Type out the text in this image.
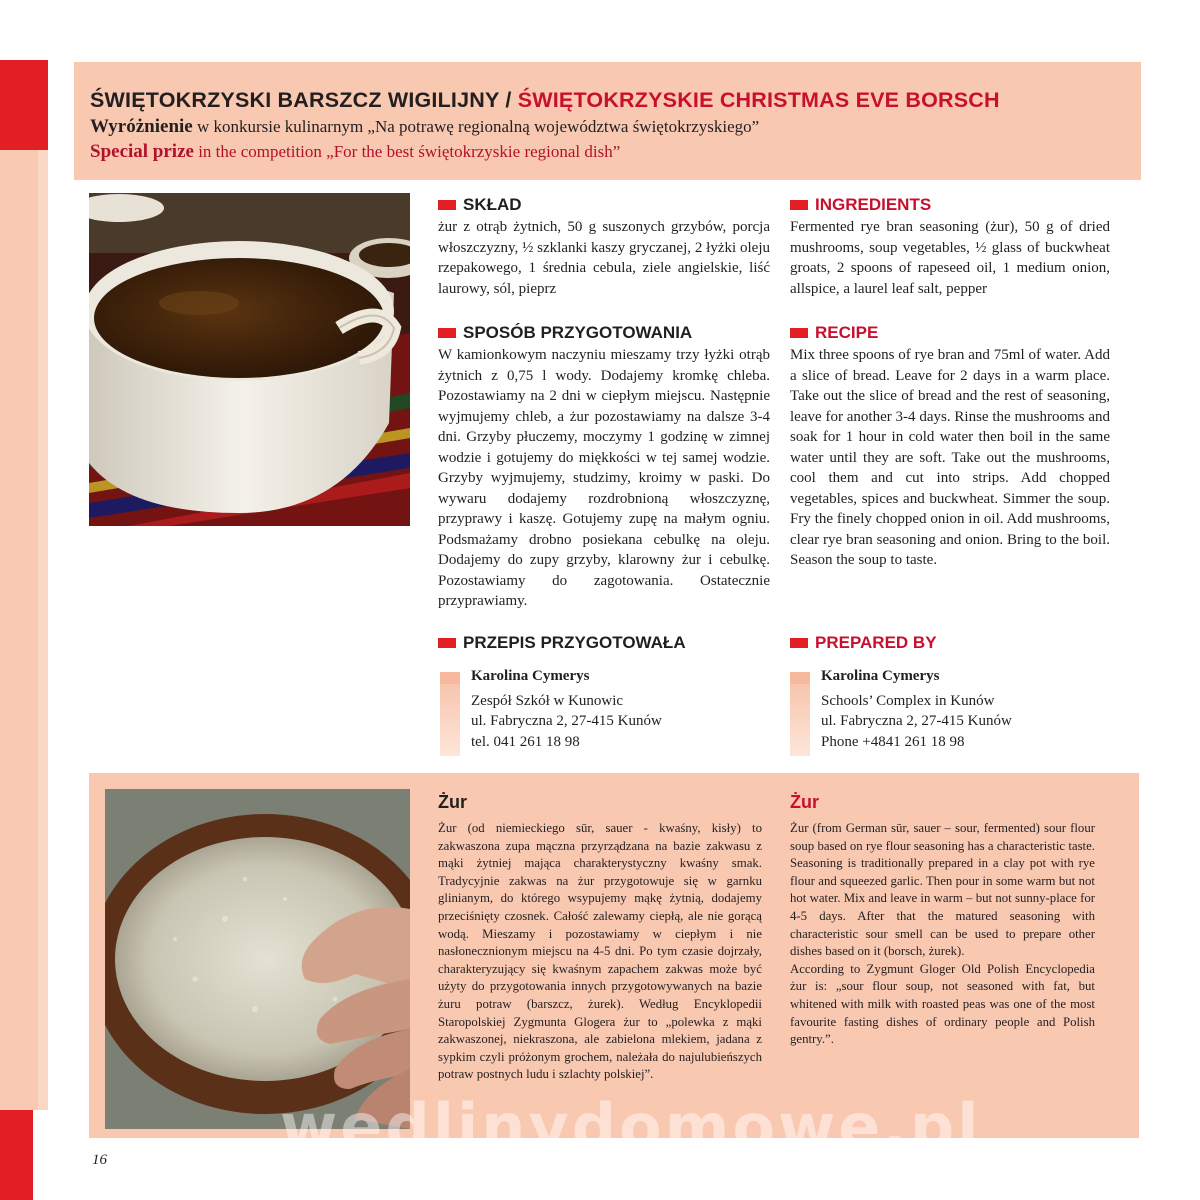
ŚWIĘTOKRZYSKI BARSZCZ WIGILIJNY / ŚWIĘTOKRZYSKIE CHRISTMAS EVE BORSCH
Wyróżnienie w konkursie kulinarnym „Na potrawę regionalną województwa świętokrzyskiego”
Special prize in the competition „For the best świętokrzyskie regional dish”
SKŁAD
żur z otrąb żytnich, 50 g suszonych grzybów, porcja włoszczyzny, ½ szklanki kaszy gryczanej, 2 łyżki oleju rzepakowego, 1 średnia cebula, ziele angielskie, liść laurowy, sól, pieprz
INGREDIENTS
Fermented rye bran seasoning (żur), 50 g of dried mushrooms, soup vegetables, ½ glass of buckwheat groats, 2 spoons of rapeseed oil, 1 medium onion, allspice, a laurel leaf salt, pepper
SPOSÓB PRZYGOTOWANIA
W kamionkowym naczyniu mieszamy trzy łyżki otrąb żytnich z 0,75 l wody. Dodajemy kromkę chleba. Pozostawiamy na 2 dni w ciepłym miejscu. Następnie wyjmujemy chleb, a żur pozostawiamy na dalsze 3-4 dni. Grzyby płuczemy, moczymy 1 godzinę w zimnej wodzie i gotujemy do miękkości w tej samej wodzie. Grzyby wyjmujemy, studzimy, kroimy w paski. Do wywaru dodajemy rozdrobnioną włoszczyznę, przyprawy i kaszę. Gotujemy zupę na małym ogniu. Podsmażamy drobno posiekana cebulkę na oleju. Dodajemy do zupy grzyby, klarowny żur i cebulkę. Pozostawiamy do zagotowania. Ostatecznie przyprawiamy.
RECIPE
Mix three spoons of rye bran and 75ml of water. Add a slice of bread. Leave for 2 days in a warm place. Take out the slice of bread and the rest of seasoning, leave for another 3-4 days. Rinse the mushrooms and soak for 1 hour in cold water then boil in the same water until they are soft. Take out the mushrooms, cool them and cut into strips. Add chopped vegetables, spices and buckwheat. Simmer the soup. Fry the finely chopped onion in oil. Add mushrooms, clear rye bran seasoning and onion. Bring to the boil. Season the soup to taste.
PRZEPIS PRZYGOTOWAŁA
Karolina Cymerys
Zespół Szkół w Kunowic
ul. Fabryczna 2, 27-415 Kunów
tel. 041 261 18 98
PREPARED BY
Karolina Cymerys
Schools’ Complex in Kunów
ul. Fabryczna 2, 27-415 Kunów
Phone +4841 261 18 98
Żur
Żur (od niemieckiego sūr, sauer - kwaśny, kisły) to zakwaszona zupa mączna przyrządzana na bazie zakwasu z mąki żytniej mająca charakterystyczny kwaśny smak. Tradycyjnie zakwas na żur przygotowuje się w garnku glinianym, do którego wsypujemy mąkę żytnią, dodajemy przeciśnięty czosnek. Całość zalewamy ciepłą, ale nie gorącą wodą. Mieszamy i pozostawiamy w ciepłym i nie nasłonecznionym miejscu na 4-5 dni. Po tym czasie dojrzały, charakteryzujący się kwaśnym zapachem zakwas może być użyty do przygotowania innych przygotowywanych na bazie żuru potraw (barszcz, żurek). Według Encyklopedii Staropolskiej Zygmunta Glogera żur to „polewka z mąki zakwaszonej, niekraszona, ale zabielona mlekiem, jadana z sypkim czyli próżonym grochem, należała do najulubieńszych potraw postnych ludu i szlachty polskiej”.
Żur
Żur (from German sūr, sauer – sour, fermented) sour flour soup based on rye flour seasoning has a characteristic taste. Seasoning is traditionally prepared in a clay pot with rye flour and squeezed garlic. Then pour in some warm but not hot water. Mix and leave in warm – but not sunny-place for 4-5 days. After that the matured seasoning with characteristic sour smell can be used to prepare other dishes based on it (borsch, żurek).
According to Zygmunt Gloger Old Polish Encyclopedia żur is: „sour flour soup, not seasoned with fat, but whitened with milk with roasted peas was one of the most favourite fasting dishes of ordinary people and Polish gentry.”.
wedlinydomowe.pl
16
